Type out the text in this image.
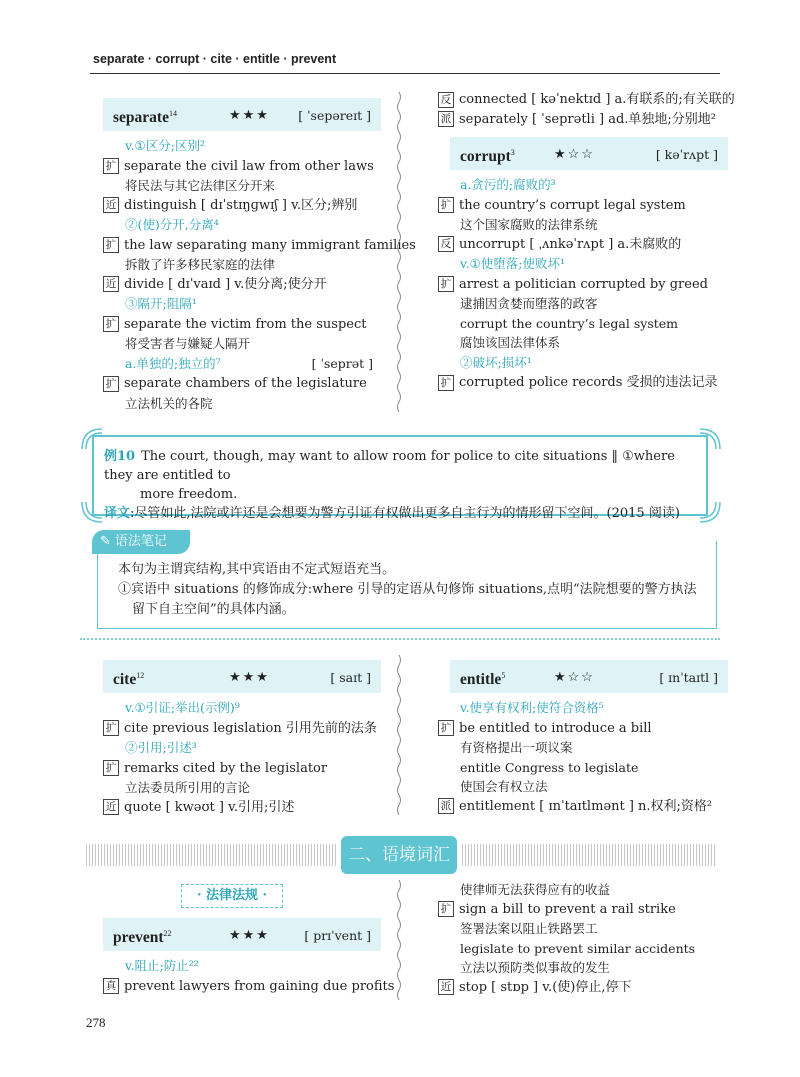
separate · corrupt · cite · entitle · prevent
separate$^{14}$	★★★ [ ˈsepəreɪt ]
v.①区分;区别²
扩 separate the civil law from other laws
将民法与其它法律区分开来
近 distinguish [ dɪˈstɪŋɡwɪʃ ] v.区分;辨别
②(使)分开,分离⁴
扩 the law separating many immigrant families
拆散了许多移民家庭的法律
近 divide [ dɪˈvaɪd ] v.使分离;使分开
③隔开;阻隔¹
扩 separate the victim from the suspect
将受害者与嫌疑人隔开
a.单独的;独立的⁷	[ ˈseprət ]
扩 separate chambers of the legislature
立法机关的各院
反 connected [ kəˈnektɪd ] a.有联系的;有关联的
派 separately [ ˈseprətli ] ad.单独地;分别地²
corrupt$^3$	★☆☆	[ kəˈrʌpt ]
a.贪污的;腐败的³
扩 the country’s corrupt legal system
这个国家腐败的法律系统
反 uncorrupt [ ˌʌnkəˈrʌpt ] a.未腐败的
v.①使堕落;使败坏¹
扩 arrest a politician corrupted by greed
逮捕因贪婪而堕落的政客
corrupt the country’s legal system
腐蚀该国法律体系
②破坏;损坏¹
扩 corrupted police records 受损的违法记录
例10 The court, though, may want to allow room for police to cite situations ‖ ①where they are entitled to
more freedom.
译文:尽管如此,法院或许还是会想要为警方引证有权做出更多自主行为的情形留下空间。(2015 阅读)
✎ 语法笔记
本句为主谓宾结构,其中宾语由不定式短语充当。
①宾语中 situations 的修饰成分:where 引导的定语从句修饰 situations,点明“法院想要的警方执法
留下自主空间”的具体内涵。
cite$^{12}$	★★★	[ saɪt ]
v.①引证;举出(示例)⁹
扩 cite previous legislation 引用先前的法条
②引用;引述³
扩 remarks cited by the legislator
立法委员所引用的言论
近 quote [ kwəʊt ] v.引用;引述
entitle$^5$	★☆☆	[ ɪnˈtaɪtl ]
v.使享有权利;使符合资格⁵
扩 be entitled to introduce a bill
有资格提出一项议案
entitle Congress to legislate
使国会有权立法
派 entitlement [ ɪnˈtaɪtlmənt ] n.权利;资格²
二、语境词汇
· 法律法规 ·
prevent$^{22}$	★★★	[ prɪˈvent ]
v.阻止;防止²²
真 prevent lawyers from gaining due profits
使律师无法获得应有的收益
扩 sign a bill to prevent a rail strike
签署法案以阻止铁路罢工
legislate to prevent similar accidents
立法以预防类似事故的发生
近 stop [ stɒp ] v.(使)停止,停下
278
